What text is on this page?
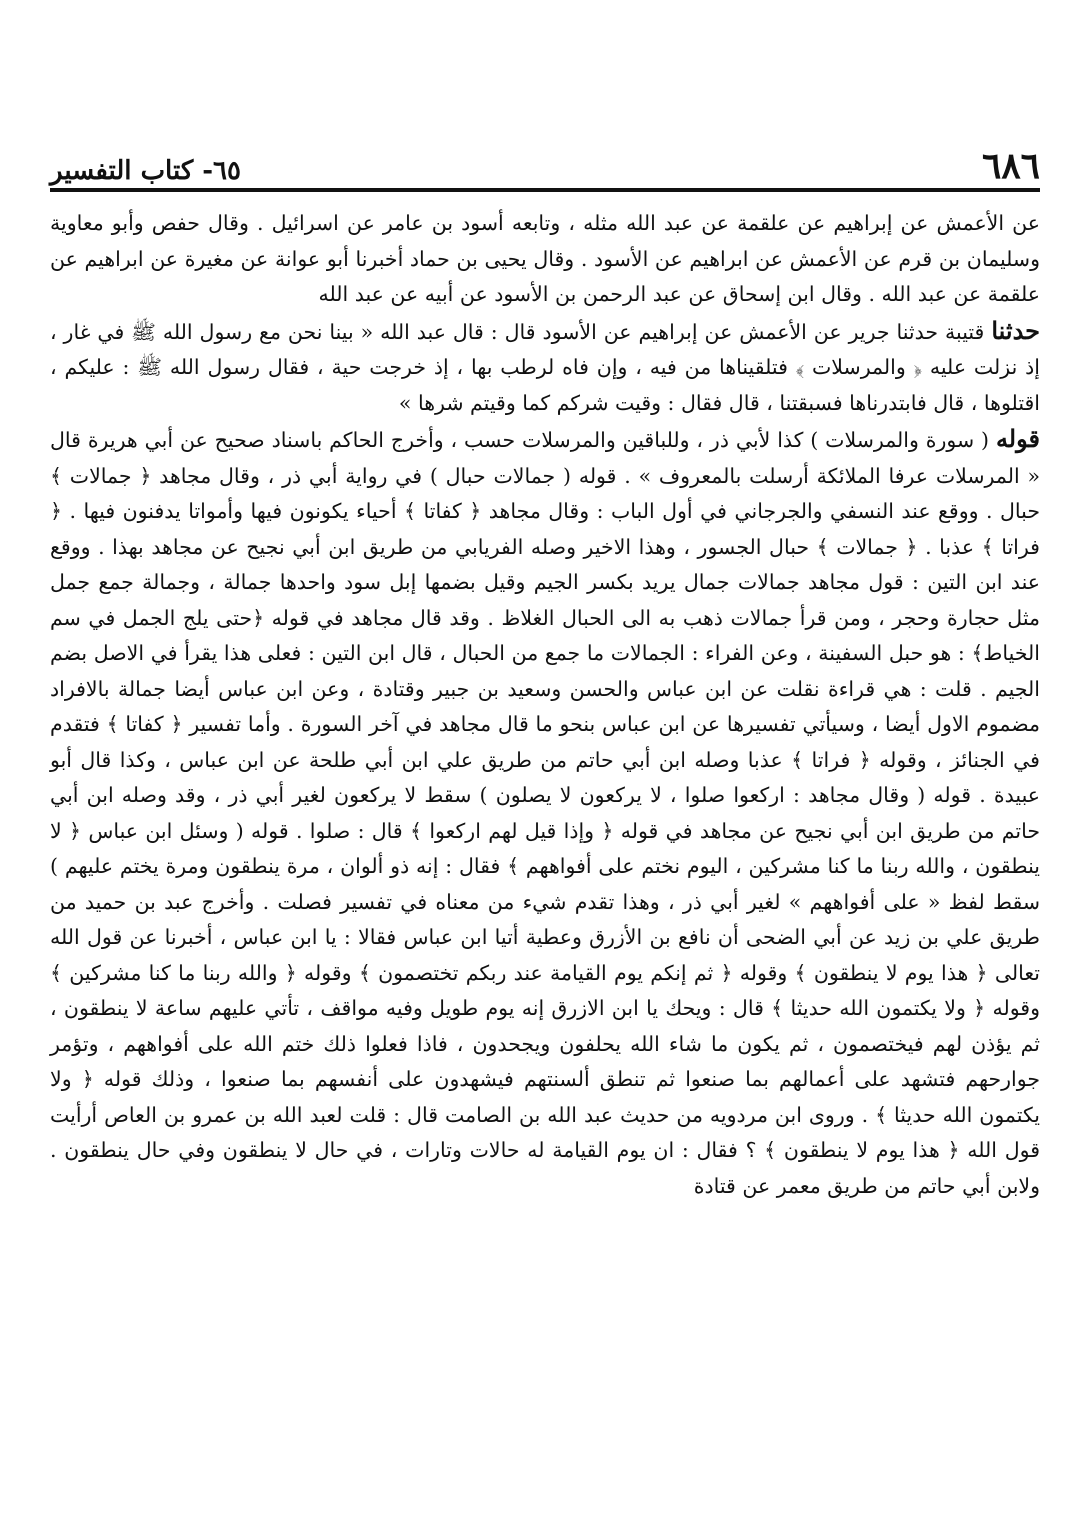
٦٨٦
٦٥- كتاب التفسير

عن الأعمش عن إبراهيم عن علقمة عن عبد الله مثله ، وتابعه أسود بن عامر عن اسرائيل . وقال حفص وأبو معاوية وسليمان بن قرم عن الأعمش عن ابراهيم عن الأسود . وقال يحيى بن حماد أخبرنا أبو عوانة عن مغيرة عن ابراهيم عن علقمة عن عبد الله . وقال ابن إسحاق عن عبد الرحمن بن الأسود عن أبيه عن عبد الله

حدثنا قتيبة حدثنا جرير عن الأعمش عن إبراهيم عن الأسود قال : قال عبد الله « بينا نحن مع رسول الله ﷺ في غار ، إذ نزلت عليه ﴿ والمرسلات ﴾ فتلقيناها من فيه ، وإن فاه لرطب بها ، إذ خرجت حية ، فقال رسول الله ﷺ : عليكم ، اقتلوها ، قال فابتدرناها فسبقتنا ، قال فقال : وقيت شركم كما وقيتم شرها »

قوله ( سورة والمرسلات ) كذا لأبي ذر ، وللباقين والمرسلات حسب ، وأخرج الحاكم باسناد صحيح عن أبي هريرة قال « المرسلات عرفا الملائكة أرسلت بالمعروف » . قوله ( جمالات حبال ) في رواية أبي ذر ، وقال مجاهد ﴿ جمالات ﴾ حبال . ووقع عند النسفي والجرجاني في أول الباب : وقال مجاهد ﴿ كفاتا ﴾ أحياء يكونون فيها وأمواتا يدفنون فيها . ﴿ فراتا ﴾ عذبا . ﴿ جمالات ﴾ حبال الجسور ، وهذا الاخير وصله الفريابي من طريق ابن أبي نجيح عن مجاهد بهذا . ووقع عند ابن التين : قول مجاهد جمالات جمال يريد بكسر الجيم وقيل بضمها إبل سود واحدها جمالة ، وجمالة جمع جمل مثل حجارة وحجر ، ومن قرأ جمالات ذهب به الى الحبال الغلاظ . وقد قال مجاهد في قوله ﴿حتى يلج الجمل في سم الخياط﴾ : هو حبل السفينة ، وعن الفراء : الجمالات ما جمع من الحبال ، قال ابن التين : فعلى هذا يقرأ في الاصل بضم الجيم . قلت : هي قراءة نقلت عن ابن عباس والحسن وسعيد بن جبير وقتادة ، وعن ابن عباس أيضا جمالة بالافراد مضموم الاول أيضا ، وسيأتي تفسيرها عن ابن عباس بنحو ما قال مجاهد في آخر السورة . وأما تفسير ﴿ كفاتا ﴾ فتقدم في الجنائز ، وقوله ﴿ فراتا ﴾ عذبا وصله ابن أبي حاتم من طريق علي ابن أبي طلحة عن ابن عباس ، وكذا قال أبو عبيدة . قوله ( وقال مجاهد : اركعوا صلوا ، لا يركعون لا يصلون ) سقط لا يركعون لغير أبي ذر ، وقد وصله ابن أبي حاتم من طريق ابن أبي نجيح عن مجاهد في قوله ﴿ وإذا قيل لهم اركعوا ﴾ قال : صلوا . قوله ( وسئل ابن عباس ﴿ لا ينطقون ، والله ربنا ما كنا مشركين ، اليوم نختم على أفواههم ﴾ فقال : إنه ذو ألوان ، مرة ينطقون ومرة يختم عليهم ) سقط لفظ « على أفواههم » لغير أبي ذر ، وهذا تقدم شيء من معناه في تفسير فصلت . وأخرج عبد بن حميد من طريق علي بن زيد عن أبي الضحى أن نافع بن الأزرق وعطية أتيا ابن عباس فقالا : يا ابن عباس ، أخبرنا عن قول الله تعالى ﴿ هذا يوم لا ينطقون ﴾ وقوله ﴿ ثم إنكم يوم القيامة عند ربكم تختصمون ﴾ وقوله ﴿ والله ربنا ما كنا مشركين ﴾ وقوله ﴿ ولا يكتمون الله حديثا ﴾ قال : ويحك يا ابن الازرق إنه يوم طويل وفيه مواقف ، تأتي عليهم ساعة لا ينطقون ، ثم يؤذن لهم فيختصمون ، ثم يكون ما شاء الله يحلفون ويجحدون ، فاذا فعلوا ذلك ختم الله على أفواههم ، وتؤمر جوارحهم فتشهد على أعمالهم بما صنعوا ثم تنطق ألسنتهم فيشهدون على أنفسهم بما صنعوا ، وذلك قوله ﴿ ولا يكتمون الله حديثا ﴾ . وروى ابن مردويه من حديث عبد الله بن الصامت قال : قلت لعبد الله بن عمرو بن العاص أرأيت قول الله ﴿ هذا يوم لا ينطقون ﴾ ؟ فقال : ان يوم القيامة له حالات وتارات ، في حال لا ينطقون وفي حال ينطقون . ولابن أبي حاتم من طريق معمر عن قتادة
